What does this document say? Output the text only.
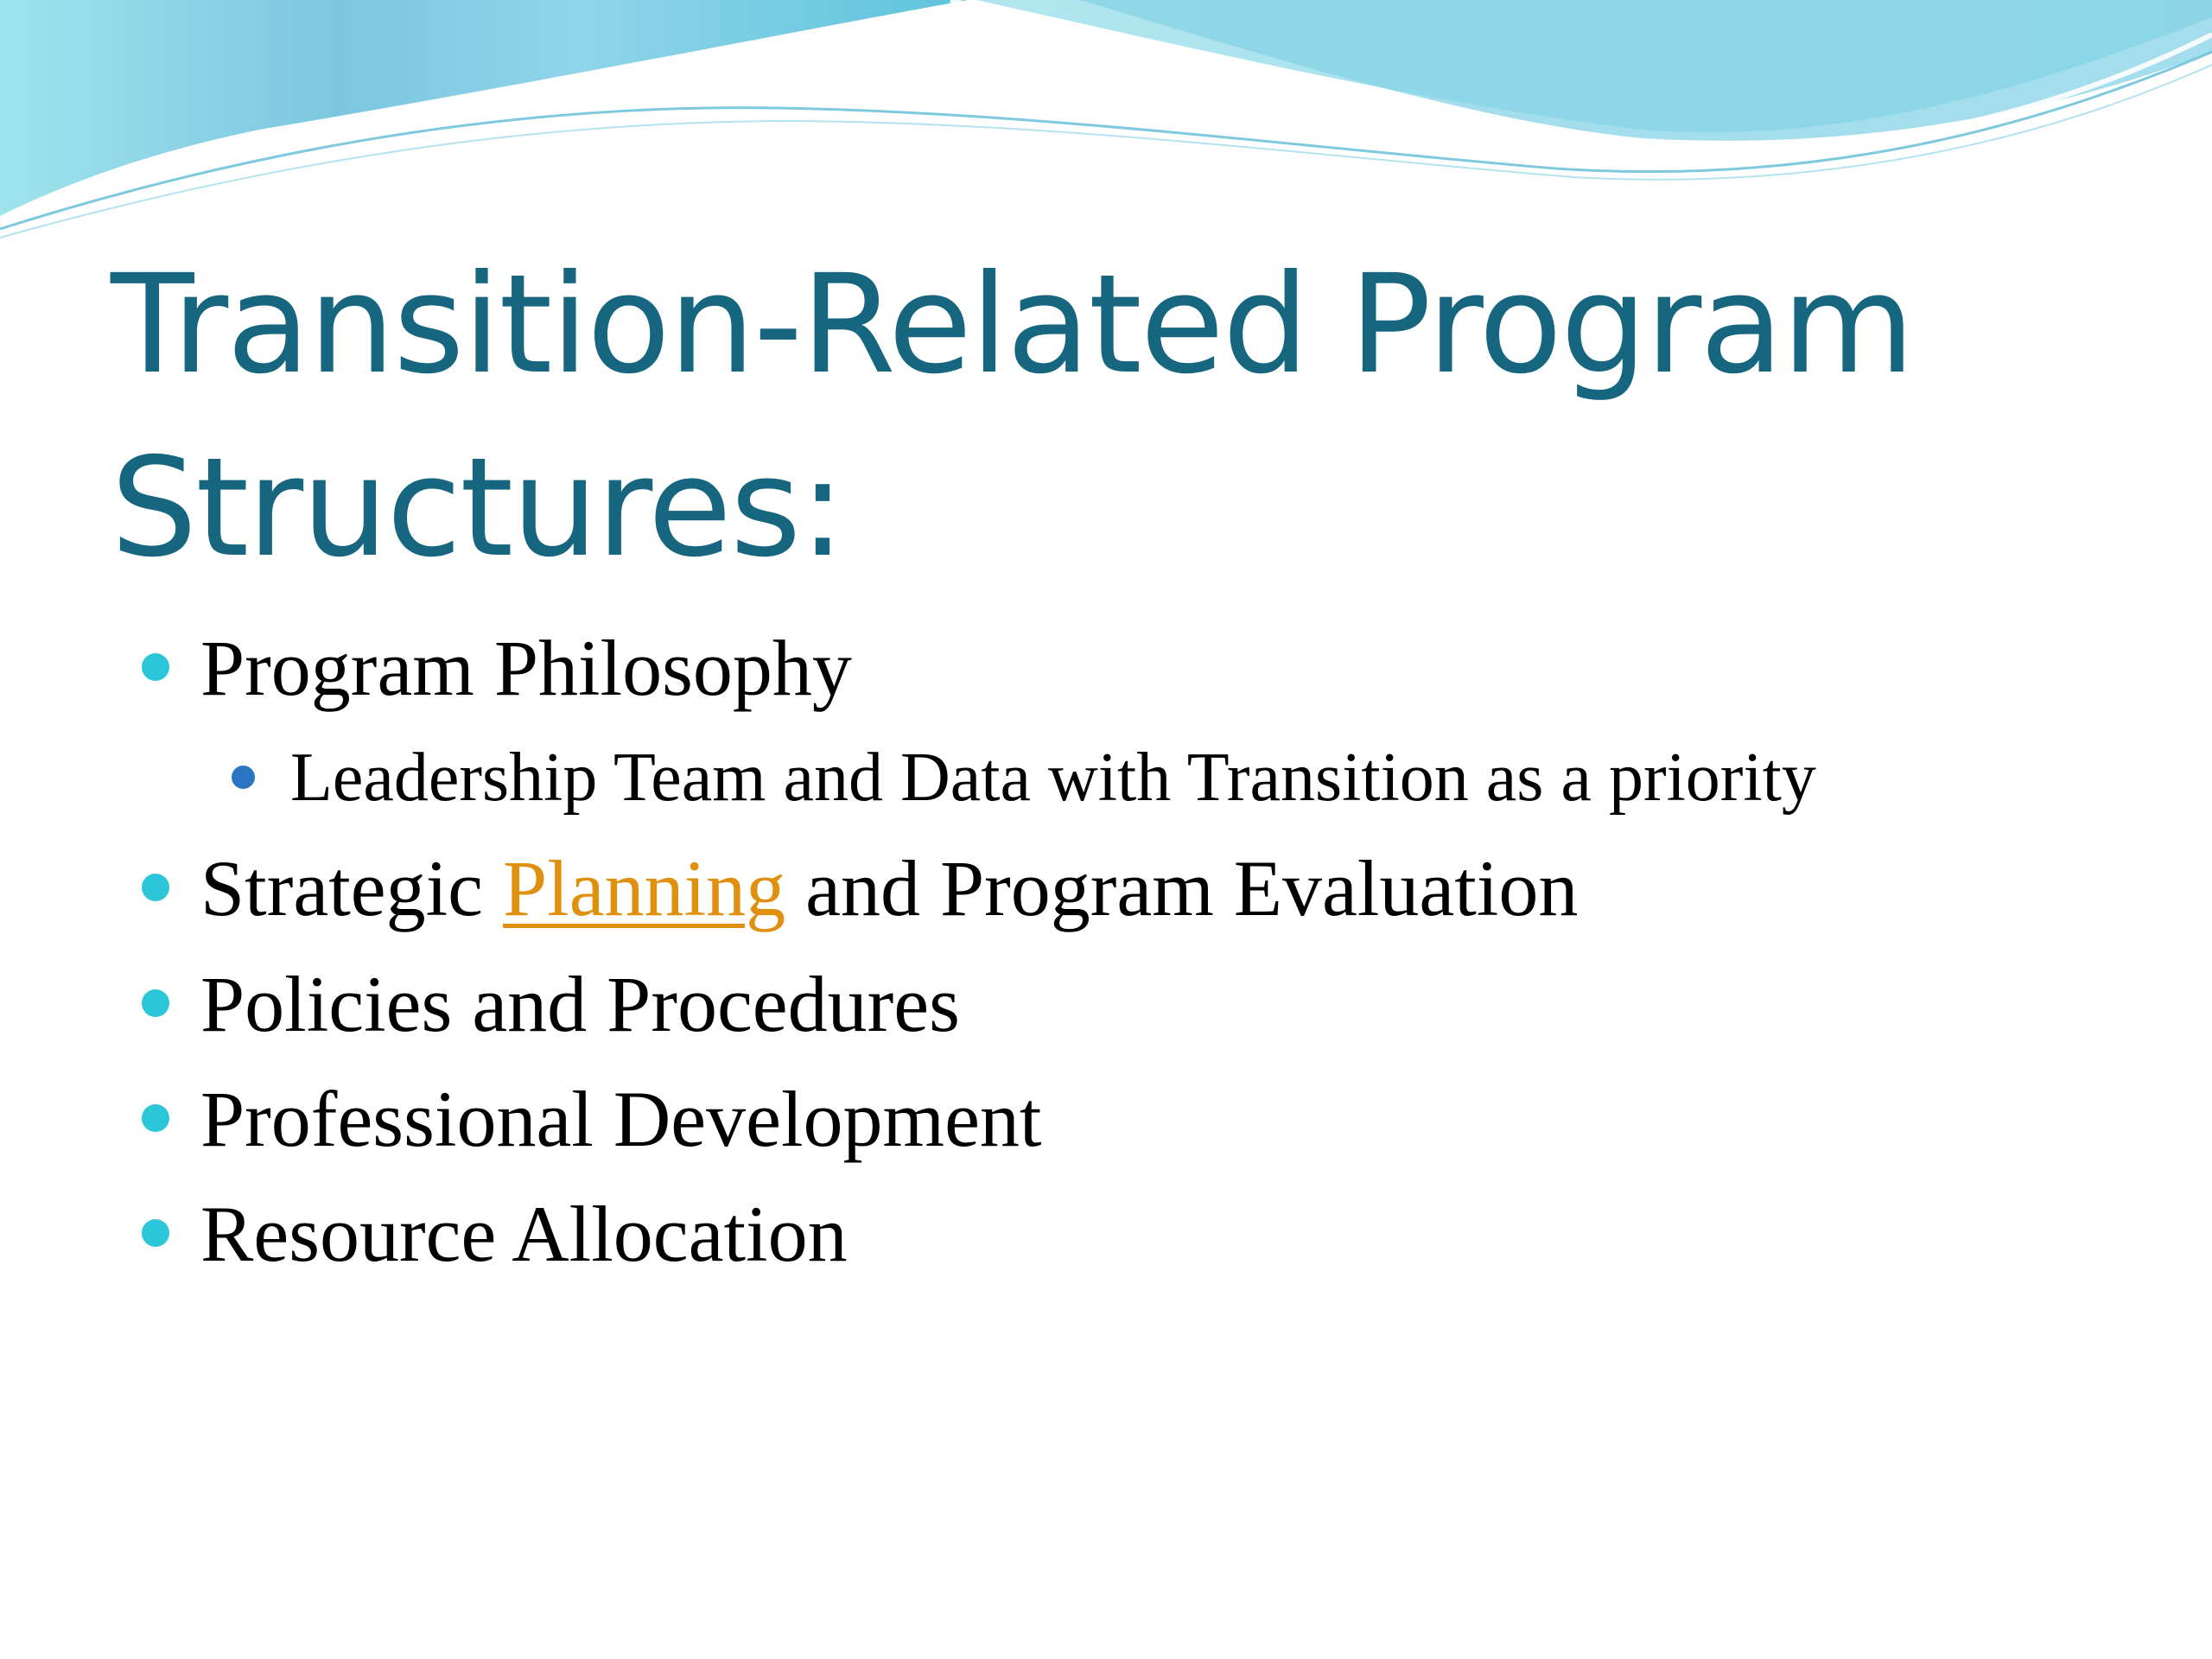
Transition-Related Program
Structures:
Program Philosophy
Leadership Team and Data with Transition as a priority
Strategic Planning and Program Evaluation
Policies and Procedures
Professional Development
Resource Allocation
